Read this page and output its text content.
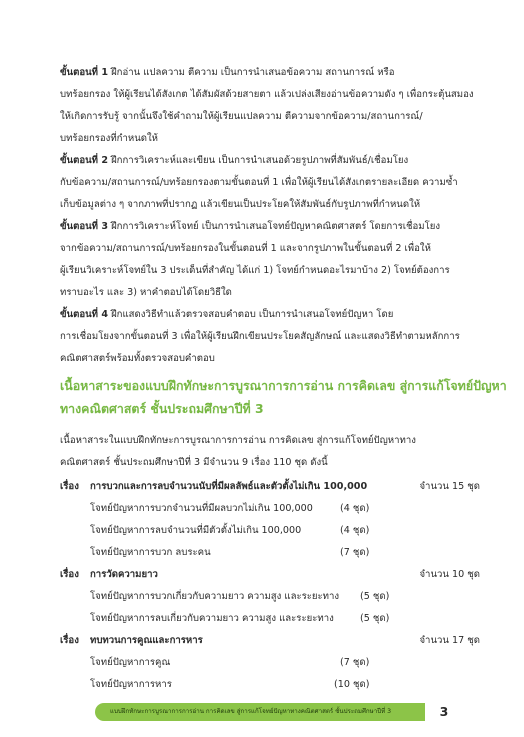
ขั้นตอนที่ 1 ฝึกอ่าน แปลความ ตีความ เป็นการนำเสนอข้อความ สถานการณ์ หรือ
บทร้อยกรอง ให้ผู้เรียนได้สังเกต ได้สัมผัสด้วยสายตา แล้วเปล่งเสียงอ่านข้อความดัง ๆ เพื่อกระตุ้นสมอง
ให้เกิดการรับรู้ จากนั้นจึงใช้คำถามให้ผู้เรียนแปลความ ตีความจากข้อความ/สถานการณ์/
บทร้อยกรองที่กำหนดให้

ขั้นตอนที่ 2 ฝึกการวิเคราะห์และเขียน เป็นการนำเสนอด้วยรูปภาพที่สัมพันธ์/เชื่อมโยง
กับข้อความ/สถานการณ์/บทร้อยกรองตามขั้นตอนที่ 1 เพื่อให้ผู้เรียนได้สังเกตรายละเอียด ความซ้ำ
เก็บข้อมูลต่าง ๆ จากภาพที่ปรากฏ แล้วเขียนเป็นประโยคให้สัมพันธ์กับรูปภาพที่กำหนดให้

ขั้นตอนที่ 3 ฝึกการวิเคราะห์โจทย์ เป็นการนำเสนอโจทย์ปัญหาคณิตศาสตร์ โดยการเชื่อมโยง
จากข้อความ/สถานการณ์/บทร้อยกรองในขั้นตอนที่ 1 และจากรูปภาพในขั้นตอนที่ 2 เพื่อให้
ผู้เรียนวิเคราะห์โจทย์ใน 3 ประเด็นที่สำคัญ ได้แก่ 1) โจทย์กำหนดอะไรมาบ้าง 2) โจทย์ต้องการ
ทราบอะไร และ 3) หาคำตอบได้โดยวิธีใด

ขั้นตอนที่ 4 ฝึกแสดงวิธีทำแล้วตรวจสอบคำตอบ เป็นการนำเสนอโจทย์ปัญหา โดย
การเชื่อมโยงจากขั้นตอนที่ 3 เพื่อให้ผู้เรียนฝึกเขียนประโยคสัญลักษณ์ และแสดงวิธีทำตามหลักการ
คณิตศาสตร์พร้อมทั้งตรวจสอบคำตอบ

เนื้อหาสาระของแบบฝึกทักษะการบูรณาการการอ่าน การคิดเลข สู่การแก้โจทย์ปัญหา
ทางคณิตศาสตร์ ชั้นประถมศึกษาปีที่ 3

เนื้อหาสาระในแบบฝึกทักษะการบูรณาการการอ่าน การคิดเลข สู่การแก้โจทย์ปัญหาทาง
คณิตศาสตร์ ชั้นประถมศึกษาปีที่ 3 มีจำนวน 9 เรื่อง 110 ชุด ดังนี้

เรื่อง การบวกและการลบจำนวนนับที่มีผลลัพธ์และตัวตั้งไม่เกิน 100,000	จำนวน 15 ชุด
โจทย์ปัญหาการบวกจำนวนที่มีผลบวกไม่เกิน 100,000	(4 ชุด)
โจทย์ปัญหาการลบจำนวนที่มีตัวตั้งไม่เกิน 100,000	(4 ชุด)
โจทย์ปัญหาการบวก ลบระคน	(7 ชุด)
เรื่อง การวัดความยาว	จำนวน 10 ชุด
โจทย์ปัญหาการบวกเกี่ยวกับความยาว ความสูง และระยะทาง (5 ชุด)
โจทย์ปัญหาการลบเกี่ยวกับความยาว ความสูง และระยะทาง	(5 ชุด)
เรื่อง ทบทวนการคูณและการหาร	จำนวน 17 ชุด
โจทย์ปัญหาการคูณ	(7 ชุด)
โจทย์ปัญหาการหาร	(10 ชุด)
แบบฝึกทักษะการบูรณาการการอ่าน การคิดเลข สู่การแก้โจทย์ปัญหาทางคณิตศาสตร์ ชั้นประถมศึกษาปีที่ 3	3
